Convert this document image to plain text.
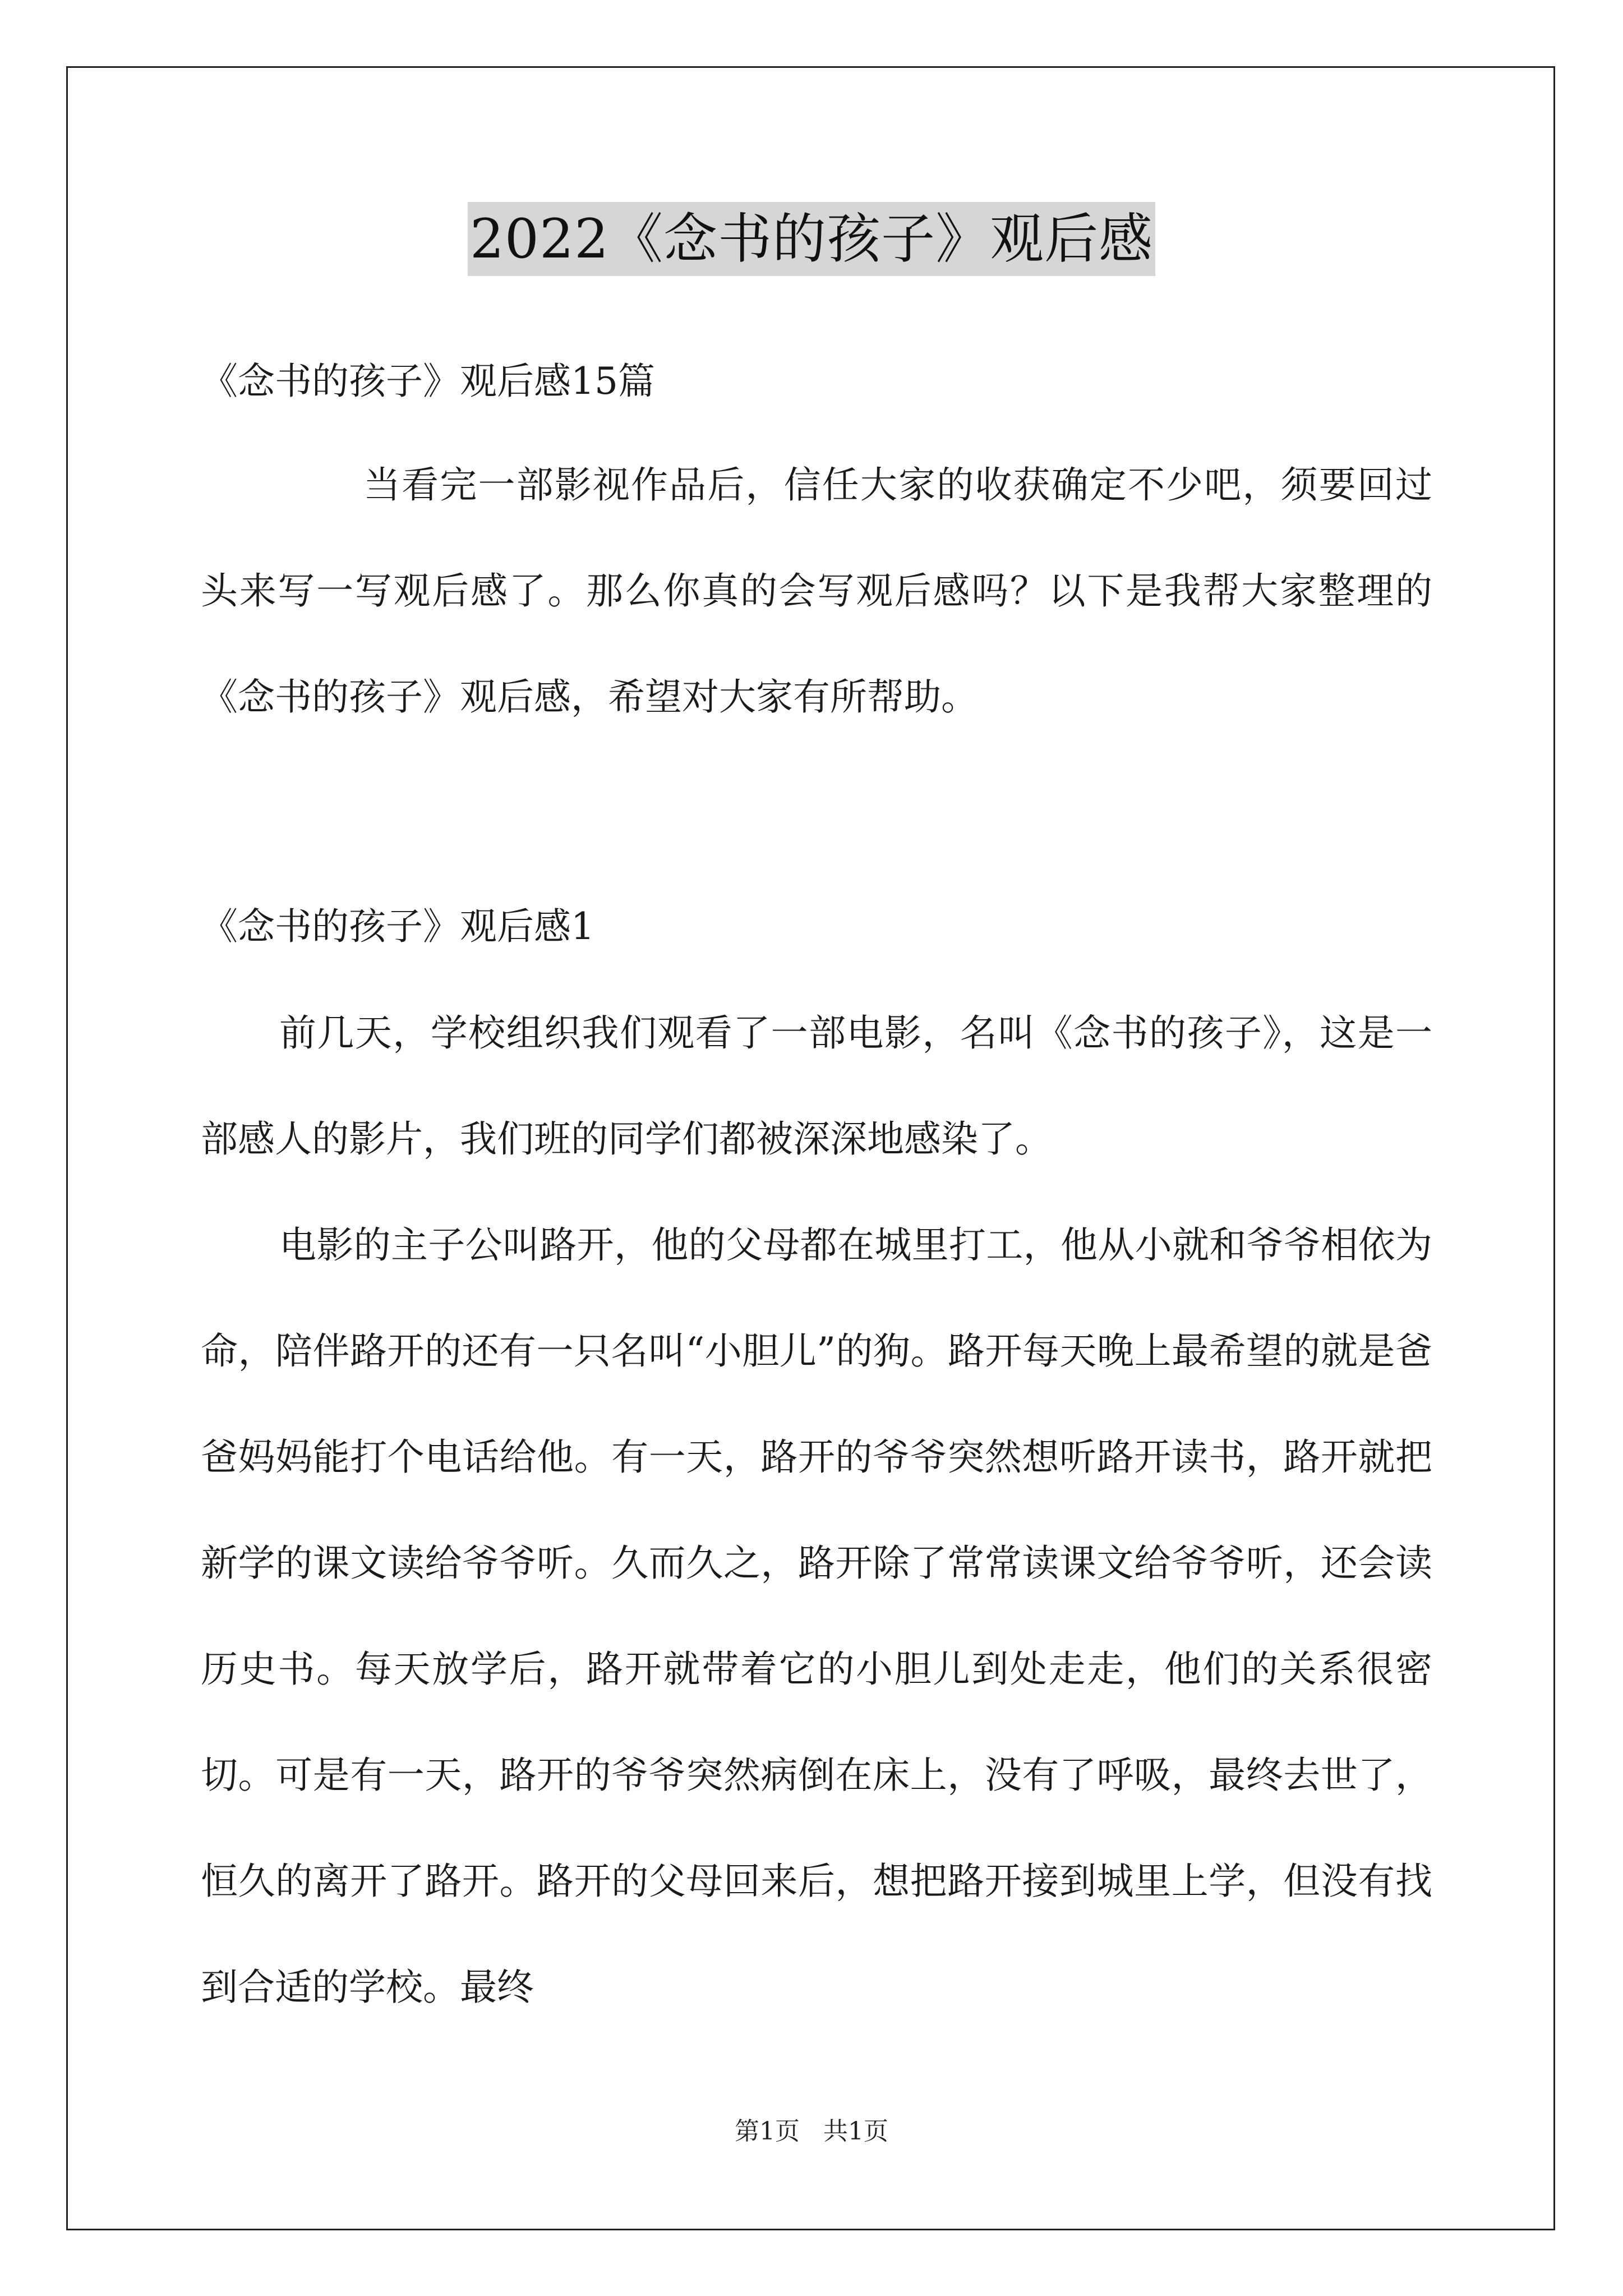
2022《念书的孩子》观后感

《念书的孩子》观后感15篇

当看完一部影视作品后，信任大家的收获确定不少吧，须要回过头来写一写观后感了。那么你真的会写观后感吗？以下是我帮大家整理的《念书的孩子》观后感，希望对大家有所帮助。

《念书的孩子》观后感1

前几天，学校组织我们观看了一部电影，名叫《念书的孩子》，这是一部感人的影片，我们班的同学们都被深深地感染了。

电影的主子公叫路开，他的父母都在城里打工，他从小就和爷爷相依为命，陪伴路开的还有一只名叫“小胆儿”的狗。路开每天晚上最希望的就是爸爸妈妈能打个电话给他。有一天，路开的爷爷突然想听路开读书，路开就把新学的课文读给爷爷听。久而久之，路开除了常常读课文给爷爷听，还会读历史书。每天放学后，路开就带着它的小胆儿到处走走，他们的关系很密切。可是有一天，路开的爷爷突然病倒在床上，没有了呼吸，最终去世了，恒久的离开了路开。路开的父母回来后，想把路开接到城里上学，但没有找到合适的学校。最终

第1页   共1页
